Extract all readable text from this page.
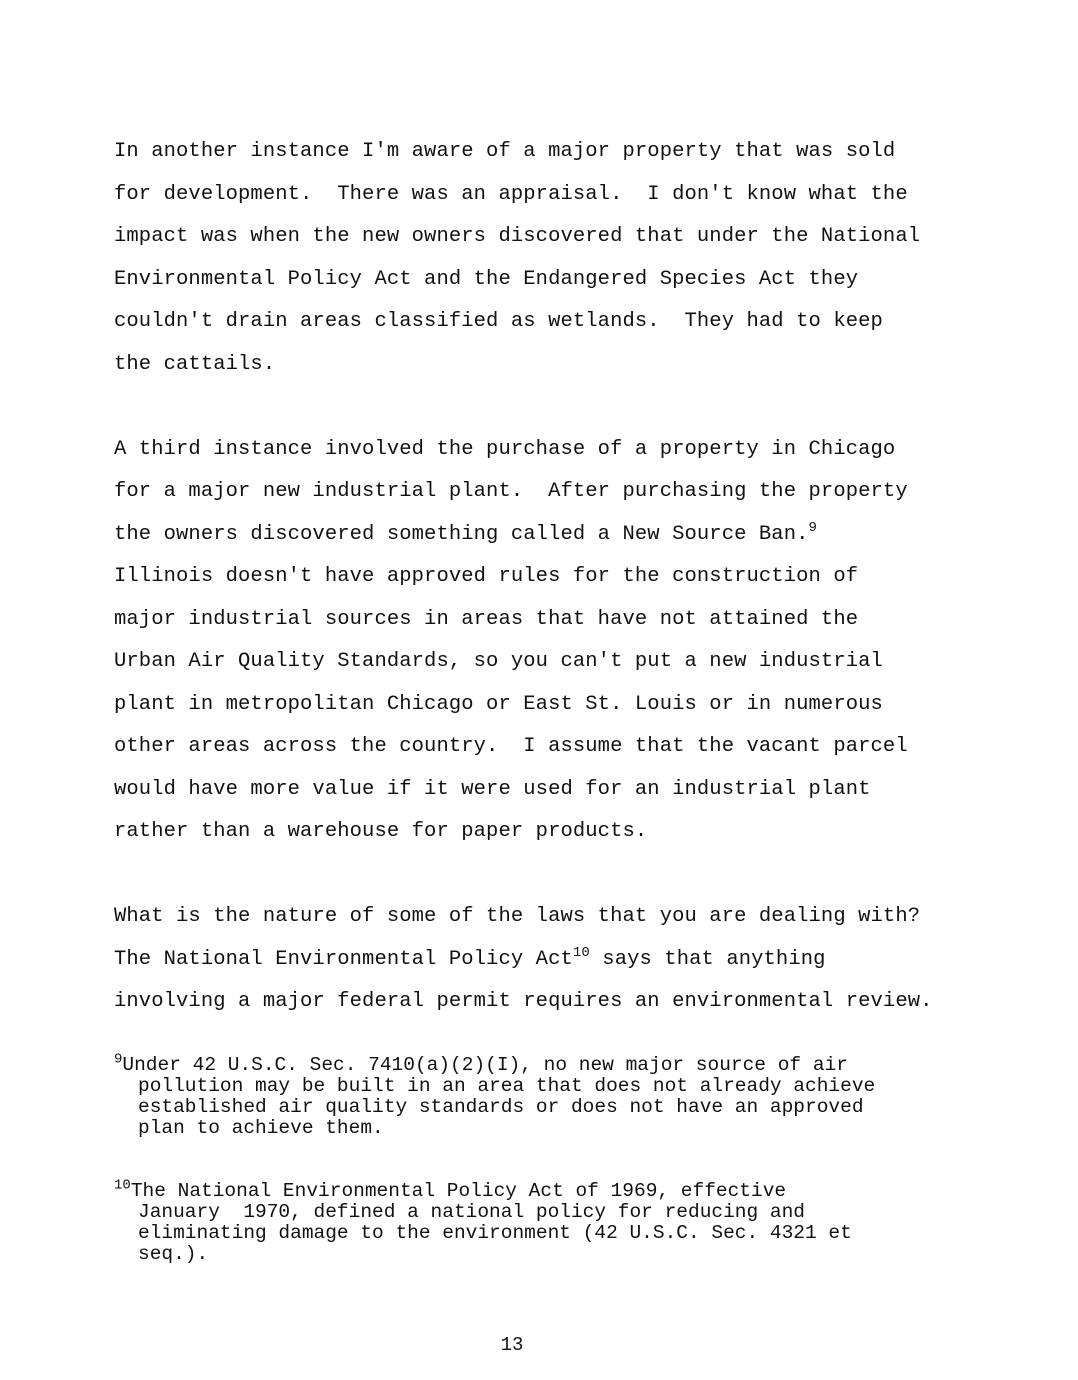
In another instance I'm aware of a major property that was sold
for development.  There was an appraisal.  I don't know what the
impact was when the new owners discovered that under the National
Environmental Policy Act and the Endangered Species Act they
couldn't drain areas classified as wetlands.  They had to keep
the cattails.

A third instance involved the purchase of a property in Chicago
for a major new industrial plant.  After purchasing the property
the owners discovered something called a New Source Ban.$^9$
Illinois doesn't have approved rules for the construction of
major industrial sources in areas that have not attained the
Urban Air Quality Standards, so you can't put a new industrial
plant in metropolitan Chicago or East St. Louis or in numerous
other areas across the country.  I assume that the vacant parcel
would have more value if it were used for an industrial plant
rather than a warehouse for paper products.

What is the nature of some of the laws that you are dealing with?
The National Environmental Policy Act$^{10}$ says that anything
involving a major federal permit requires an environmental review.

$^9$Under 42 U.S.C. Sec. 7410(a)(2)(I), no new major source of air
pollution may be built in an area that does not already achieve
established air quality standards or does not have an approved
plan to achieve them.
$^{10}$The National Environmental Policy Act of 1969, effective
January  1970, defined a national policy for reducing and
eliminating damage to the environment (42 U.S.C. Sec. 4321 et
seq.).
13
